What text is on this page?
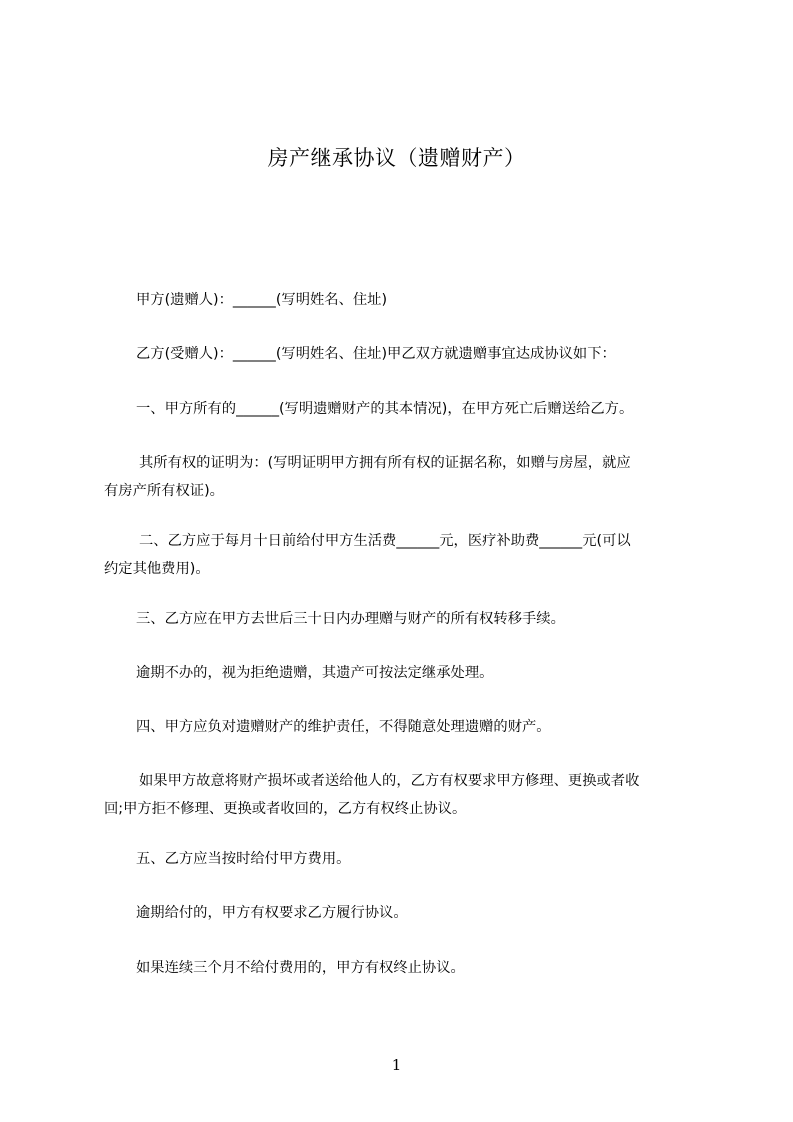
房产继承协议（遗赠财产）
甲方(遗赠人)：______(写明姓名、住址)
乙方(受赠人)：______(写明姓名、住址)甲乙双方就遗赠事宜达成协议如下：
一、甲方所有的______(写明遗赠财产的其本情况)，在甲方死亡后赠送给乙方。
其所有权的证明为：(写明证明甲方拥有所有权的证据名称，如赠与房屋，就应
有房产所有权证)。
二、乙方应于每月十日前给付甲方生活费______元，医疗补助费______元(可以
约定其他费用)。
三、乙方应在甲方去世后三十日内办理赠与财产的所有权转移手续。
逾期不办的，视为拒绝遗赠，其遗产可按法定继承处理。
四、甲方应负对遗赠财产的维护责任，不得随意处理遗赠的财产。
如果甲方故意将财产损坏或者送给他人的，乙方有权要求甲方修理、更换或者收
回;甲方拒不修理、更换或者收回的，乙方有权终止协议。
五、乙方应当按时给付甲方费用。
逾期给付的，甲方有权要求乙方履行协议。
如果连续三个月不给付费用的，甲方有权终止协议。
1
